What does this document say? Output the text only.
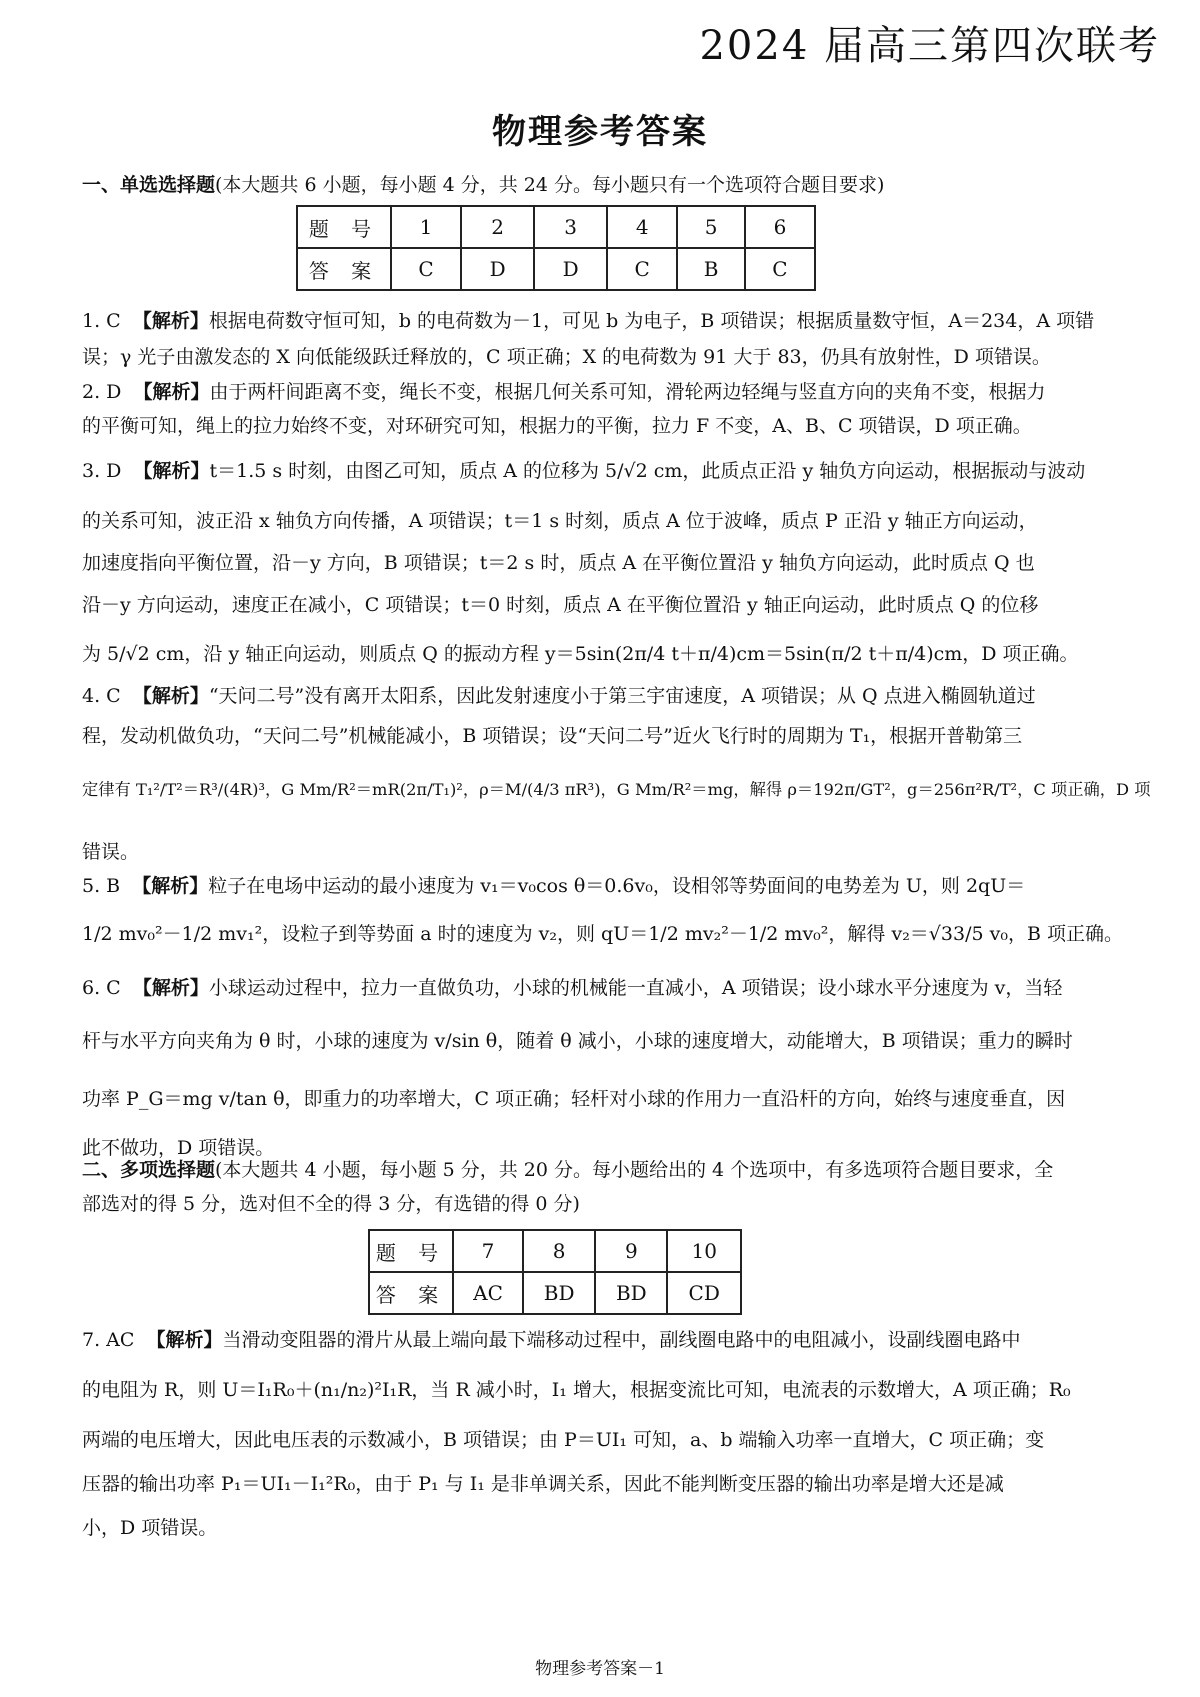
2024 届高三第四次联考
物理参考答案
一、单选选择题(本大题共 6 小题，每小题 4 分，共 24 分。每小题只有一个选项符合题目要求)
题 号	1	2	3	4	5	6
答 案	C	D	D	C	B	C
1. C 【解析】根据电荷数守恒可知，b 的电荷数为－1，可见 b 为电子，B 项错误；根据质量数守恒，A＝234，A 项错
误；γ 光子由激发态的 X 向低能级跃迁释放的，C 项正确；X 的电荷数为 91 大于 83，仍具有放射性，D 项错误。
2. D 【解析】由于两杆间距离不变，绳长不变，根据几何关系可知，滑轮两边轻绳与竖直方向的夹角不变，根据力
的平衡可知，绳上的拉力始终不变，对环研究可知，根据力的平衡，拉力 F 不变，A、B、C 项错误，D 项正确。
3. D 【解析】t＝1.5 s 时刻，由图乙可知，质点 A 的位移为 5/√2 cm，此质点正沿 y 轴负方向运动，根据振动与波动
的关系可知，波正沿 x 轴负方向传播，A 项错误；t＝1 s 时刻，质点 A 位于波峰，质点 P 正沿 y 轴正方向运动，
加速度指向平衡位置，沿－y 方向，B 项错误；t＝2 s 时，质点 A 在平衡位置沿 y 轴负方向运动，此时质点 Q 也
沿－y 方向运动，速度正在减小，C 项错误；t＝0 时刻，质点 A 在平衡位置沿 y 轴正向运动，此时质点 Q 的位移
为 5/√2 cm，沿 y 轴正向运动，则质点 Q 的振动方程 y＝5sin(2π/4 t＋π/4)cm＝5sin(π/2 t＋π/4)cm，D 项正确。
4. C 【解析】“天问二号”没有离开太阳系，因此发射速度小于第三宇宙速度，A 项错误；从 Q 点进入椭圆轨道过
程，发动机做负功，“天问二号”机械能减小，B 项错误；设“天问二号”近火飞行时的周期为 T₁，根据开普勒第三
定律有 T₁²/T²＝R³/(4R)³，G Mm/R²＝mR(2π/T₁)²，ρ＝M/(4/3 πR³)，G Mm/R²＝mg，解得 ρ＝192π/GT²，g＝256π²R/T²，C 项正确，D 项
错误。
5. B 【解析】粒子在电场中运动的最小速度为 v₁＝v₀cos θ＝0.6v₀，设相邻等势面间的电势差为 U，则 2qU＝
1/2 mv₀²－1/2 mv₁²，设粒子到等势面 a 时的速度为 v₂，则 qU＝1/2 mv₂²－1/2 mv₀²，解得 v₂＝√33/5 v₀，B 项正确。
6. C 【解析】小球运动过程中，拉力一直做负功，小球的机械能一直减小，A 项错误；设小球水平分速度为 v，当轻
杆与水平方向夹角为 θ 时，小球的速度为 v/sin θ，随着 θ 减小，小球的速度增大，动能增大，B 项错误；重力的瞬时
功率 P_G＝mg v/tan θ，即重力的功率增大，C 项正确；轻杆对小球的作用力一直沿杆的方向，始终与速度垂直，因
此不做功，D 项错误。
二、多项选择题(本大题共 4 小题，每小题 5 分，共 20 分。每小题给出的 4 个选项中，有多选项符合题目要求，全
部选对的得 5 分，选对但不全的得 3 分，有选错的得 0 分)
题 号	7	8	9	10
答 案	AC	BD	BD	CD
7. AC 【解析】当滑动变阻器的滑片从最上端向最下端移动过程中，副线圈电路中的电阻减小，设副线圈电路中
的电阻为 R，则 U＝I₁R₀＋(n₁/n₂)²I₁R，当 R 减小时，I₁ 增大，根据变流比可知，电流表的示数增大，A 项正确；R₀
两端的电压增大，因此电压表的示数减小，B 项错误；由 P＝UI₁ 可知，a、b 端输入功率一直增大，C 项正确；变
压器的输出功率 P₁＝UI₁－I₁²R₀，由于 P₁ 与 I₁ 是非单调关系，因此不能判断变压器的输出功率是增大还是减
小，D 项错误。
物理参考答案－1
